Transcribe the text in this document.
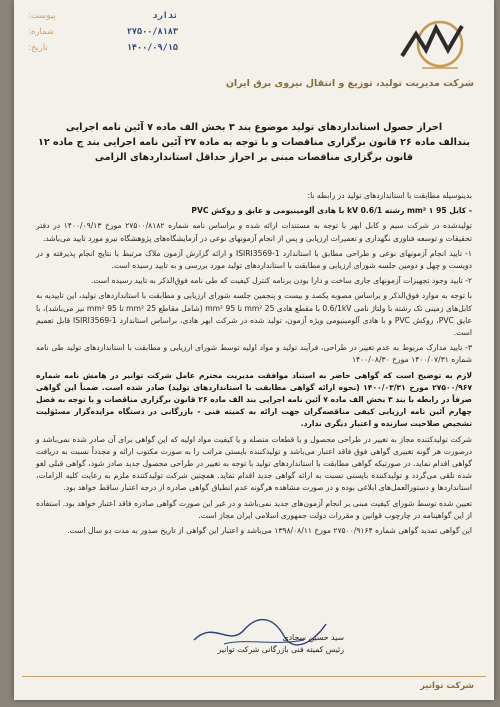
ندارد
پیوست:
۲۷۵۰۰/۸۱۸۳
شماره:
۱۴۰۰/۰۹/۱۵
تاریخ:
شرکت مدیریت تولید، توزیع و انتقال نیروی برق ایران
احراز حصول استانداردهای تولید موضوع بند ۳ بخش الف ماده ۷ آئین نامه اجرایی
بندالف ماده ۲۶ قانون برگزاری مناقصات و با توجه به ماده ۲۷ آئین نامه اجرایی بند ج ماده ۱۲
قانون برگزاری مناقصات مبنی بر احراز حداقل استانداردهای الزامی

بدینوسیله مطابقت با استانداردهای تولید در رابطه با:

- کابل 95 mm² ۱ رشته 0.6/1 kV با هادی آلومینیومی و عایق و روکش PVC

تولیدشده در شرکت سیم و کابل ابهر با توجه به مستندات ارائه شده و براساس نامه شماره ۲۷۵۰۰/۸۱۸۲ مورخ ۱۴۰۰/۰۹/۱۳ در دفتر تحقیقات و توسعه فناوری نگهداری و تعمیرات ارزیابی و پس از انجام آزمونهای نوعی در آزمایشگاه‌های پژوهشگاه نیرو مورد تایید می‌باشد.

۱- تایید انجام آزمونهای نوعی و طراحی مطابق با استاندارد ISIRI3569-1 و ارائه گزارش آزمون ملاک مرتبط با نتایج انجام پذیرفته و در دویست و چهل و دومین جلسه شورای ارزیابی و مطابقت با استانداردهای تولید مورد بررسی و به تایید رسیده است.

۲- تایید وجود تجهیزات آزمونهای جاری ساخت و دارا بودن برنامه کنترل کیفیت که طی نامه فوق‌الذکر به تایید رسیده است.

با توجه به موارد فوق‌الذکر و براساس مصوبه یکصد و بیست و پنجمین جلسه شورای ارزیابی و مطابقت با استانداردهای تولید، این تاییدیه به کابل‌های زمینی تک رشته با ولتاژ نامی 0.6/1kV با مقطع هادی 25 mm² تا 95 mm² (شامل مقاطع 25 mm² تا 95 mm² نیز می‌باشد)، با عایق PVC، روکش PVC و با هادی آلومینیومی ویژه آزمون، تولید شده در شرکت ابهر هادی، براساس استاندارد ISIRI3569-1 قابل تعمیم است.

۳- تایید مدارک مربوط به عدم تغییر در طراحی، فرآیند تولید و مواد اولیه توسط شورای ارزیابی و مطابقت با استانداردهای تولید طی نامه شماره ۱۴۰۰/۰۷/۳۱ مورخ ۱۴۰۰/۰۸/۳۰

لازم به توضیح است که گواهی حاضر به استناد موافقت مدیریت محترم عامل شرکت توانیر در هامش نامه شماره ۲۷۵۰۰/۹۶۷ مورخ ۱۴۰۰/۰۳/۳۱ (نحوه ارائه گواهی مطابقت با استانداردهای تولید) صادر شده است. ضمناً این گواهی صرفاً در رابطه با بند ۳ بخش الف ماده ۷ آئین نامه اجرایی بند الف ماده ۲۶ قانون برگزاری مناقصات و با توجه به فصل چهارم آئین نامه ارزیابی کیفی مناقصه‌گران جهت ارائه به کمیته فنی - بازرگانی در دستگاه مزایده‌گزار مسئولیت تشخیص صلاحیت سازنده و اعتبار دیگری ندارد.

شرکت تولیدکننده مجاز به تغییر در طراحی محصول و یا قطعات متصله و یا کیفیت مواد اولیه که این گواهی برای آن صادر شده نمی‌باشد و درصورت هر گونه تغییری گواهی فوق فاقد اعتبار می‌باشد و تولیدکننده بایستی مراتب را به صورت مکتوب ارائه و مجدداً نسبت به دریافت گواهی اقدام نماید. در صورتیکه گواهی مطابقت با استانداردهای تولید با توجه به تغییر در طراحی محصول جدید صادر شود، گواهی قبلی لغو شده تلقی می‌گردد و تولیدکننده بایستی نسبت به ارائه گواهی جدید اقدام نماید. همچنین شرکت تولیدکننده ملزم به رعایت کلیه الزامات، استانداردها و دستورالعمل‌های ابلاغی بوده و در صورت مشاهده هرگونه عدم انطباق گواهی صادره از درجه اعتبار ساقط خواهد بود.

تعیین شده توسط شورای کیفیت مبنی بر انجام آزمون‌های جدید نمی‌باشد و در غیر این صورت گواهی صادره فاقد اعتبار خواهد بود. استفاده از این گواهینامه در چارچوب قوانین و مقررات دولت جمهوری اسلامی ایران مجاز است.

این گواهی تمدید گواهی شماره ۲۷۵۰۰/۹۱۶۴ مورخ ۱۳۹۸/۰۸/۱۱ می‌باشد و اعتبار این گواهی از تاریخ صدور به مدت دو سال است.

سید حسین سجادی
رئیس کمیته فنی بازرگانی شرکت توانیر
شرکت توانیر
